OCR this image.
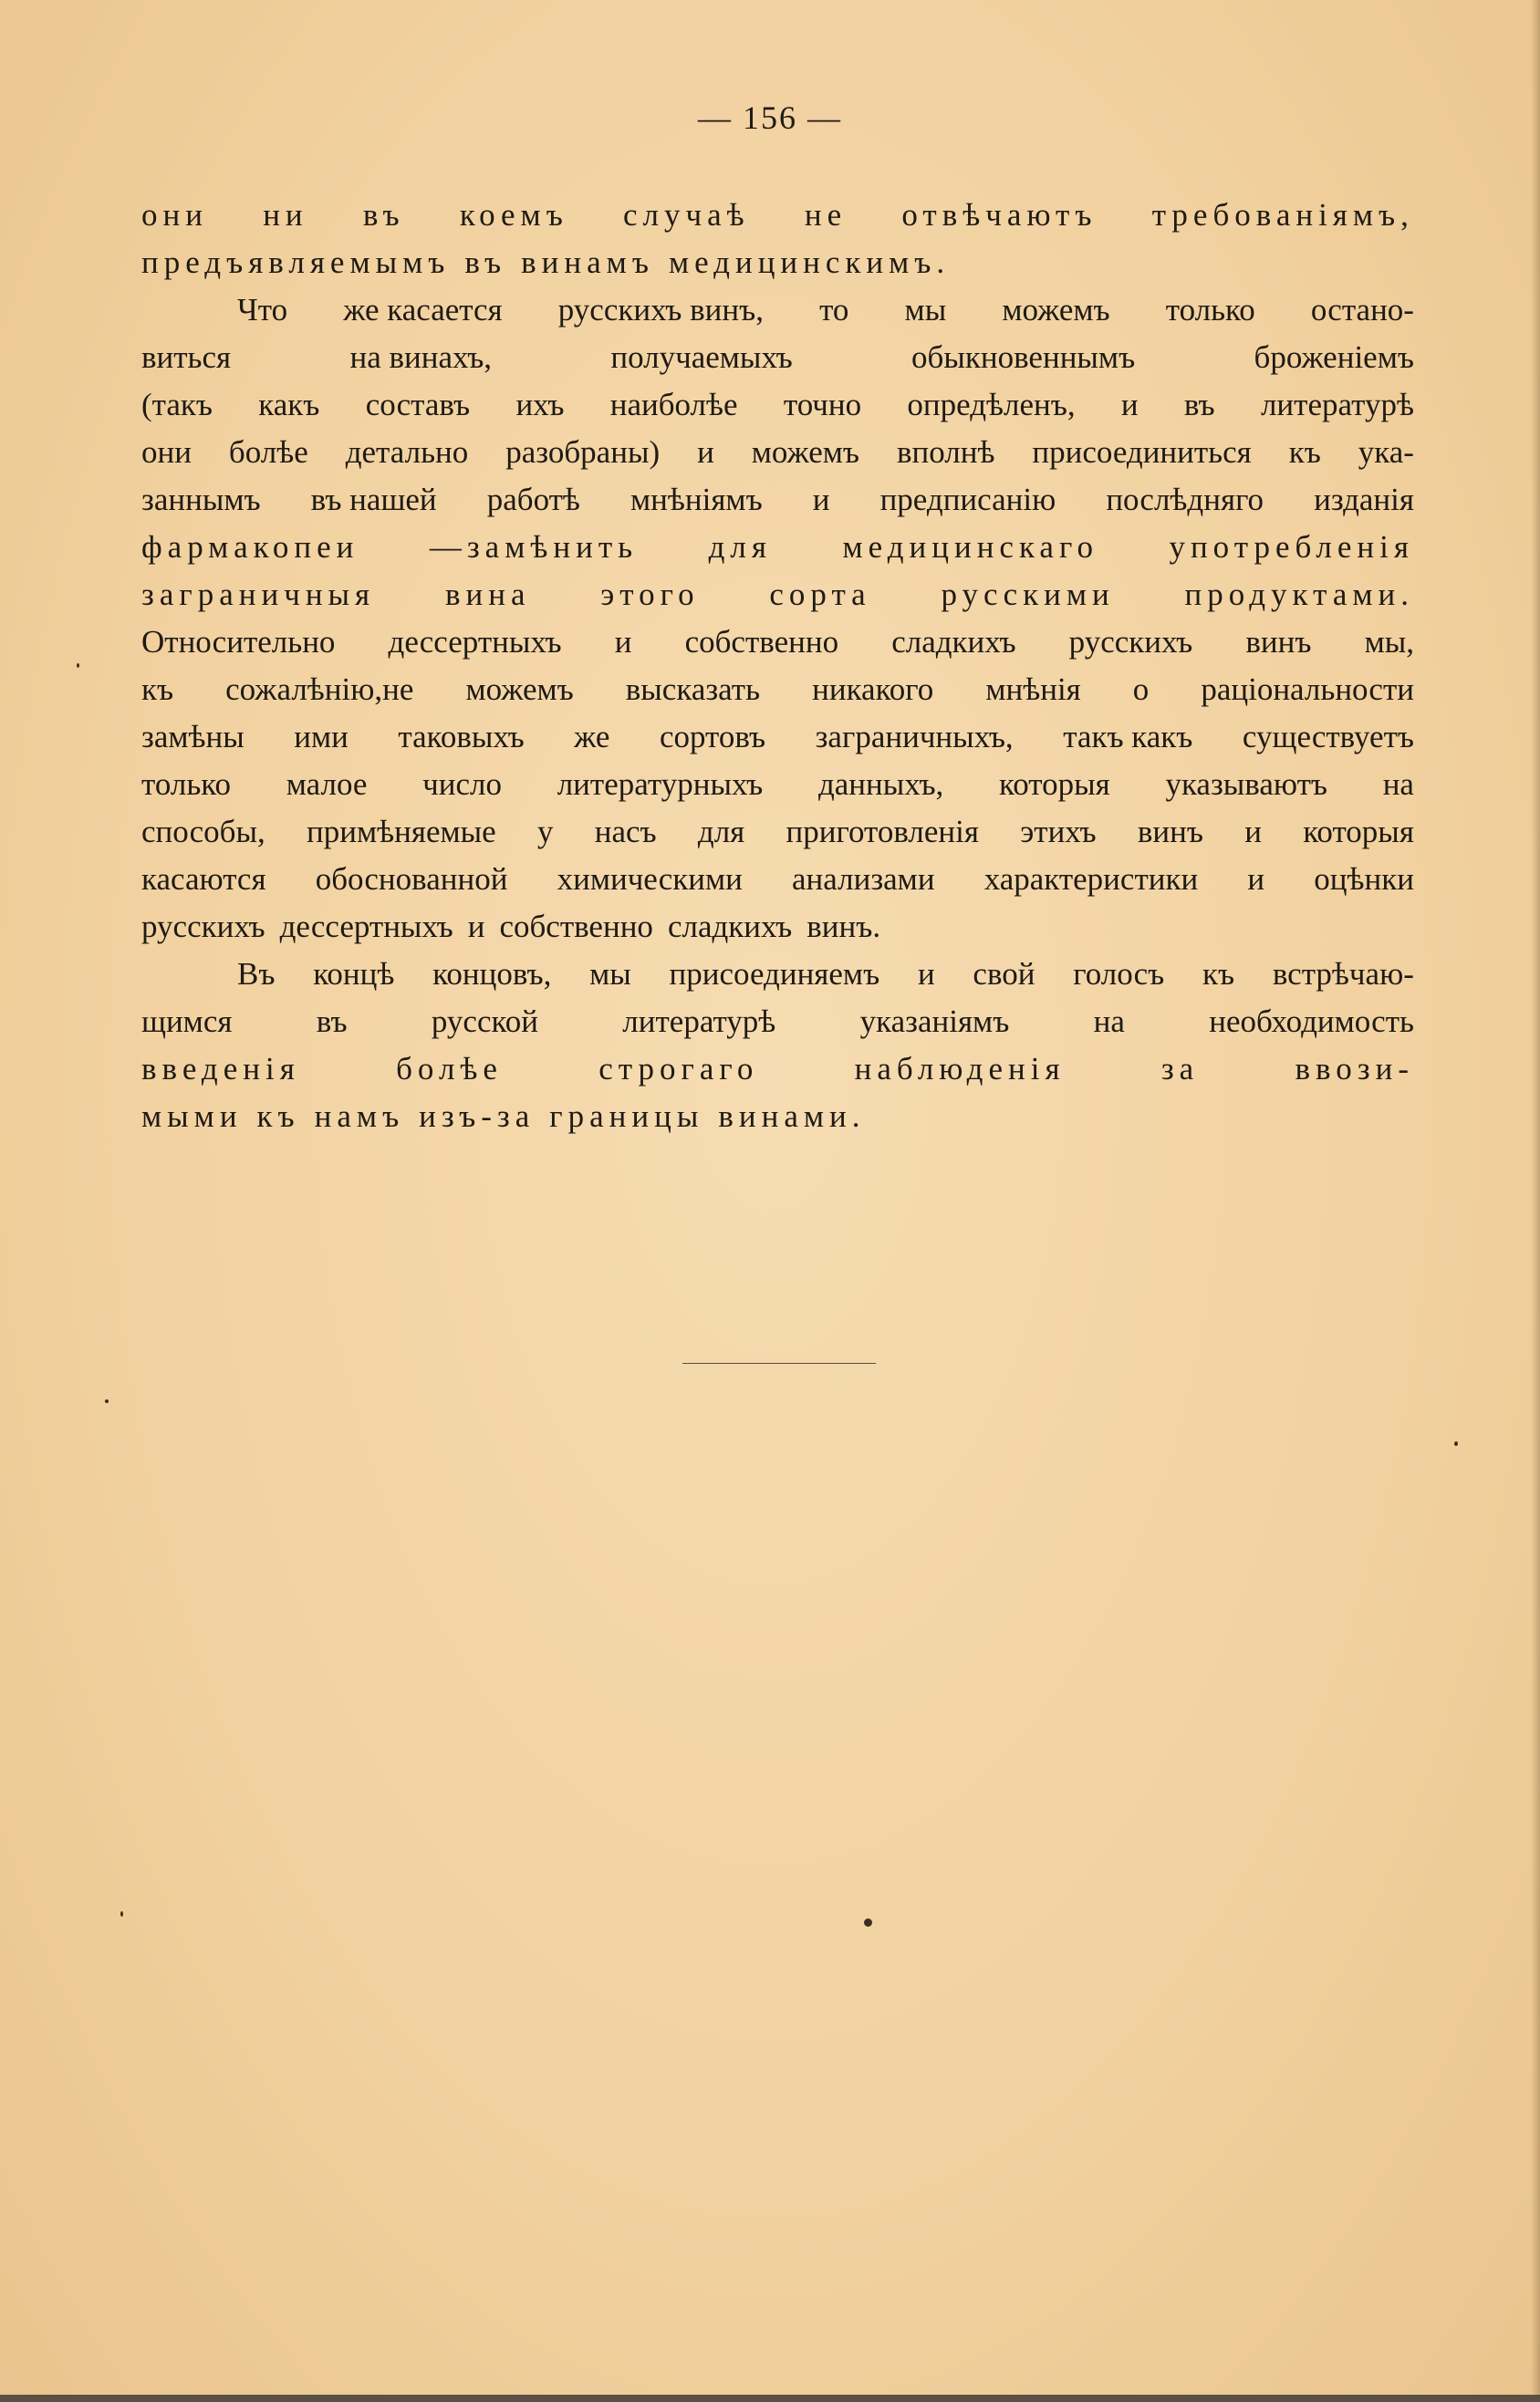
— 156 —
они ни въ коемъ случаѣ не отвѣчаютъ требованіямъ,
предъявляемымъ въ винамъ медицинскимъ.
Что же касается русскихъ винъ, то мы можемъ только остано-
виться	на винахъ,	получаемыхъ	обыкновеннымъ	броженіемъ
(такъ какъ составъ ихъ наиболѣе точно опредѣленъ, и въ литературѣ
они болѣе детально разобраны) и можемъ вполнѣ присоединиться къ ука-
заннымъ въ нашей работѣ мнѣніямъ и предписанію послѣдняго изданія
фармакопеи —замѣнить для медицинскаго употребленія
заграничныя вина этого сорта русскими продуктами.
Относительно дессертныхъ и собственно сладкихъ русскихъ винъ мы,
къ сожалѣнію,не можемъ высказать никакого мнѣнія о раціональности
замѣны ими таковыхъ же сортовъ заграничныхъ, такъ какъ существуетъ
только малое число литературныхъ данныхъ, которыя указываютъ на
способы, примѣняемые у насъ для приготовленія этихъ винъ и которыя
касаются обоснованной химическими анализами характеристики и оцѣнки
русскихъ дессертныхъ и собственно сладкихъ винъ.
Въ концѣ концовъ, мы присоединяемъ и свой голосъ къ встрѣчаю-
щимся	въ	русской	литературѣ	указаніямъ	на	необходимость
введенія	болѣе	строгаго	наблюденія	за	ввози-
мыми къ намъ изъ-за границы винами.
